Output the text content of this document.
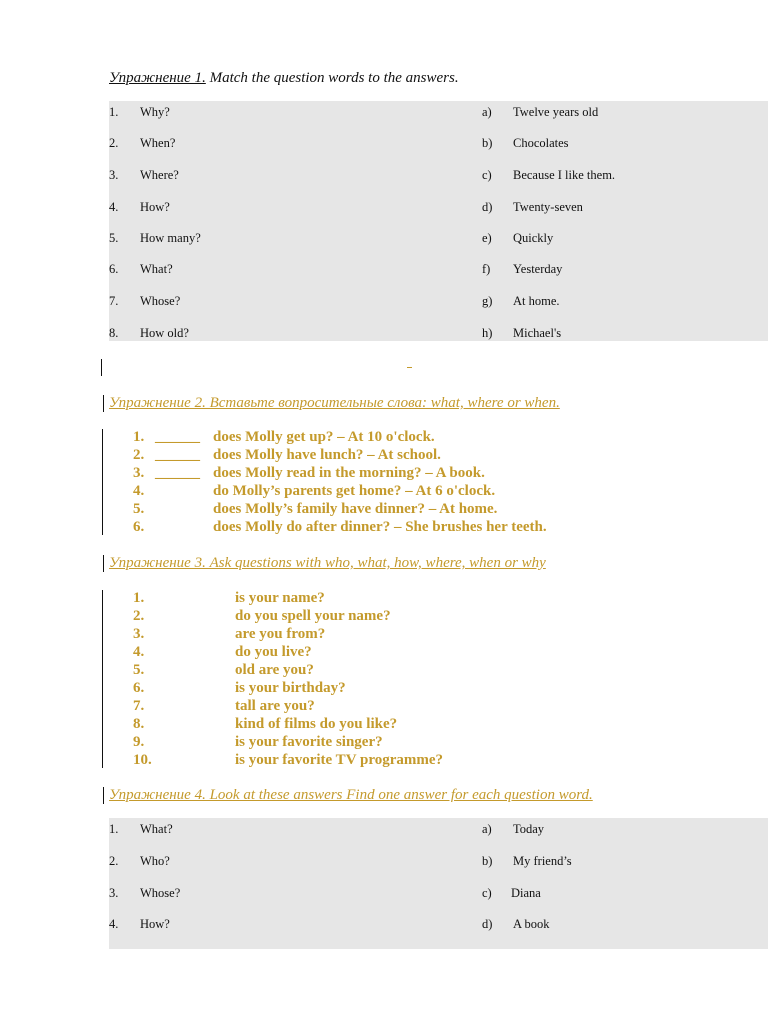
Упражнение 1. Match the question words to the answers.
1. Why?	a) Twelve years old
2. When?	b) Chocolates
3. Where?	c) Because I like them.
4. How?	d) Twenty-seven
5. How many?	e) Quickly
6. What?	f) Yesterday
7. Whose?	g) At home.
8. How old?	h) Michael's
Упражнение 2. Вставьте вопросительные слова: what, where or when.
1. ______ does Molly get up? – At 10 o'clock.
2. ______ does Molly have lunch? – At school.
3. ______ does Molly read in the morning? – A book.
4.	do Molly’s parents get home? – At 6 o'clock.
5.	does Molly’s family have dinner? – At home.
6.	does Molly do after dinner? – She brushes her teeth.
Упражнение 3. Ask questions with who, what, how, where, when or why
1.	is your name?
2.	do you spell your name?
3.	are you from?
4.	do you live?
5.	old are you?
6.	is your birthday?
7.	tall are you?
8.	kind of films do you like?
9.	is your favorite singer?
10.	is your favorite TV programme?
Упражнение 4. Look at these answers Find one answer for each question word.
1. What?	a) Today
2. Who?	b) My friend’s
3. Whose?	c) Diana
4. How?	d) A book
